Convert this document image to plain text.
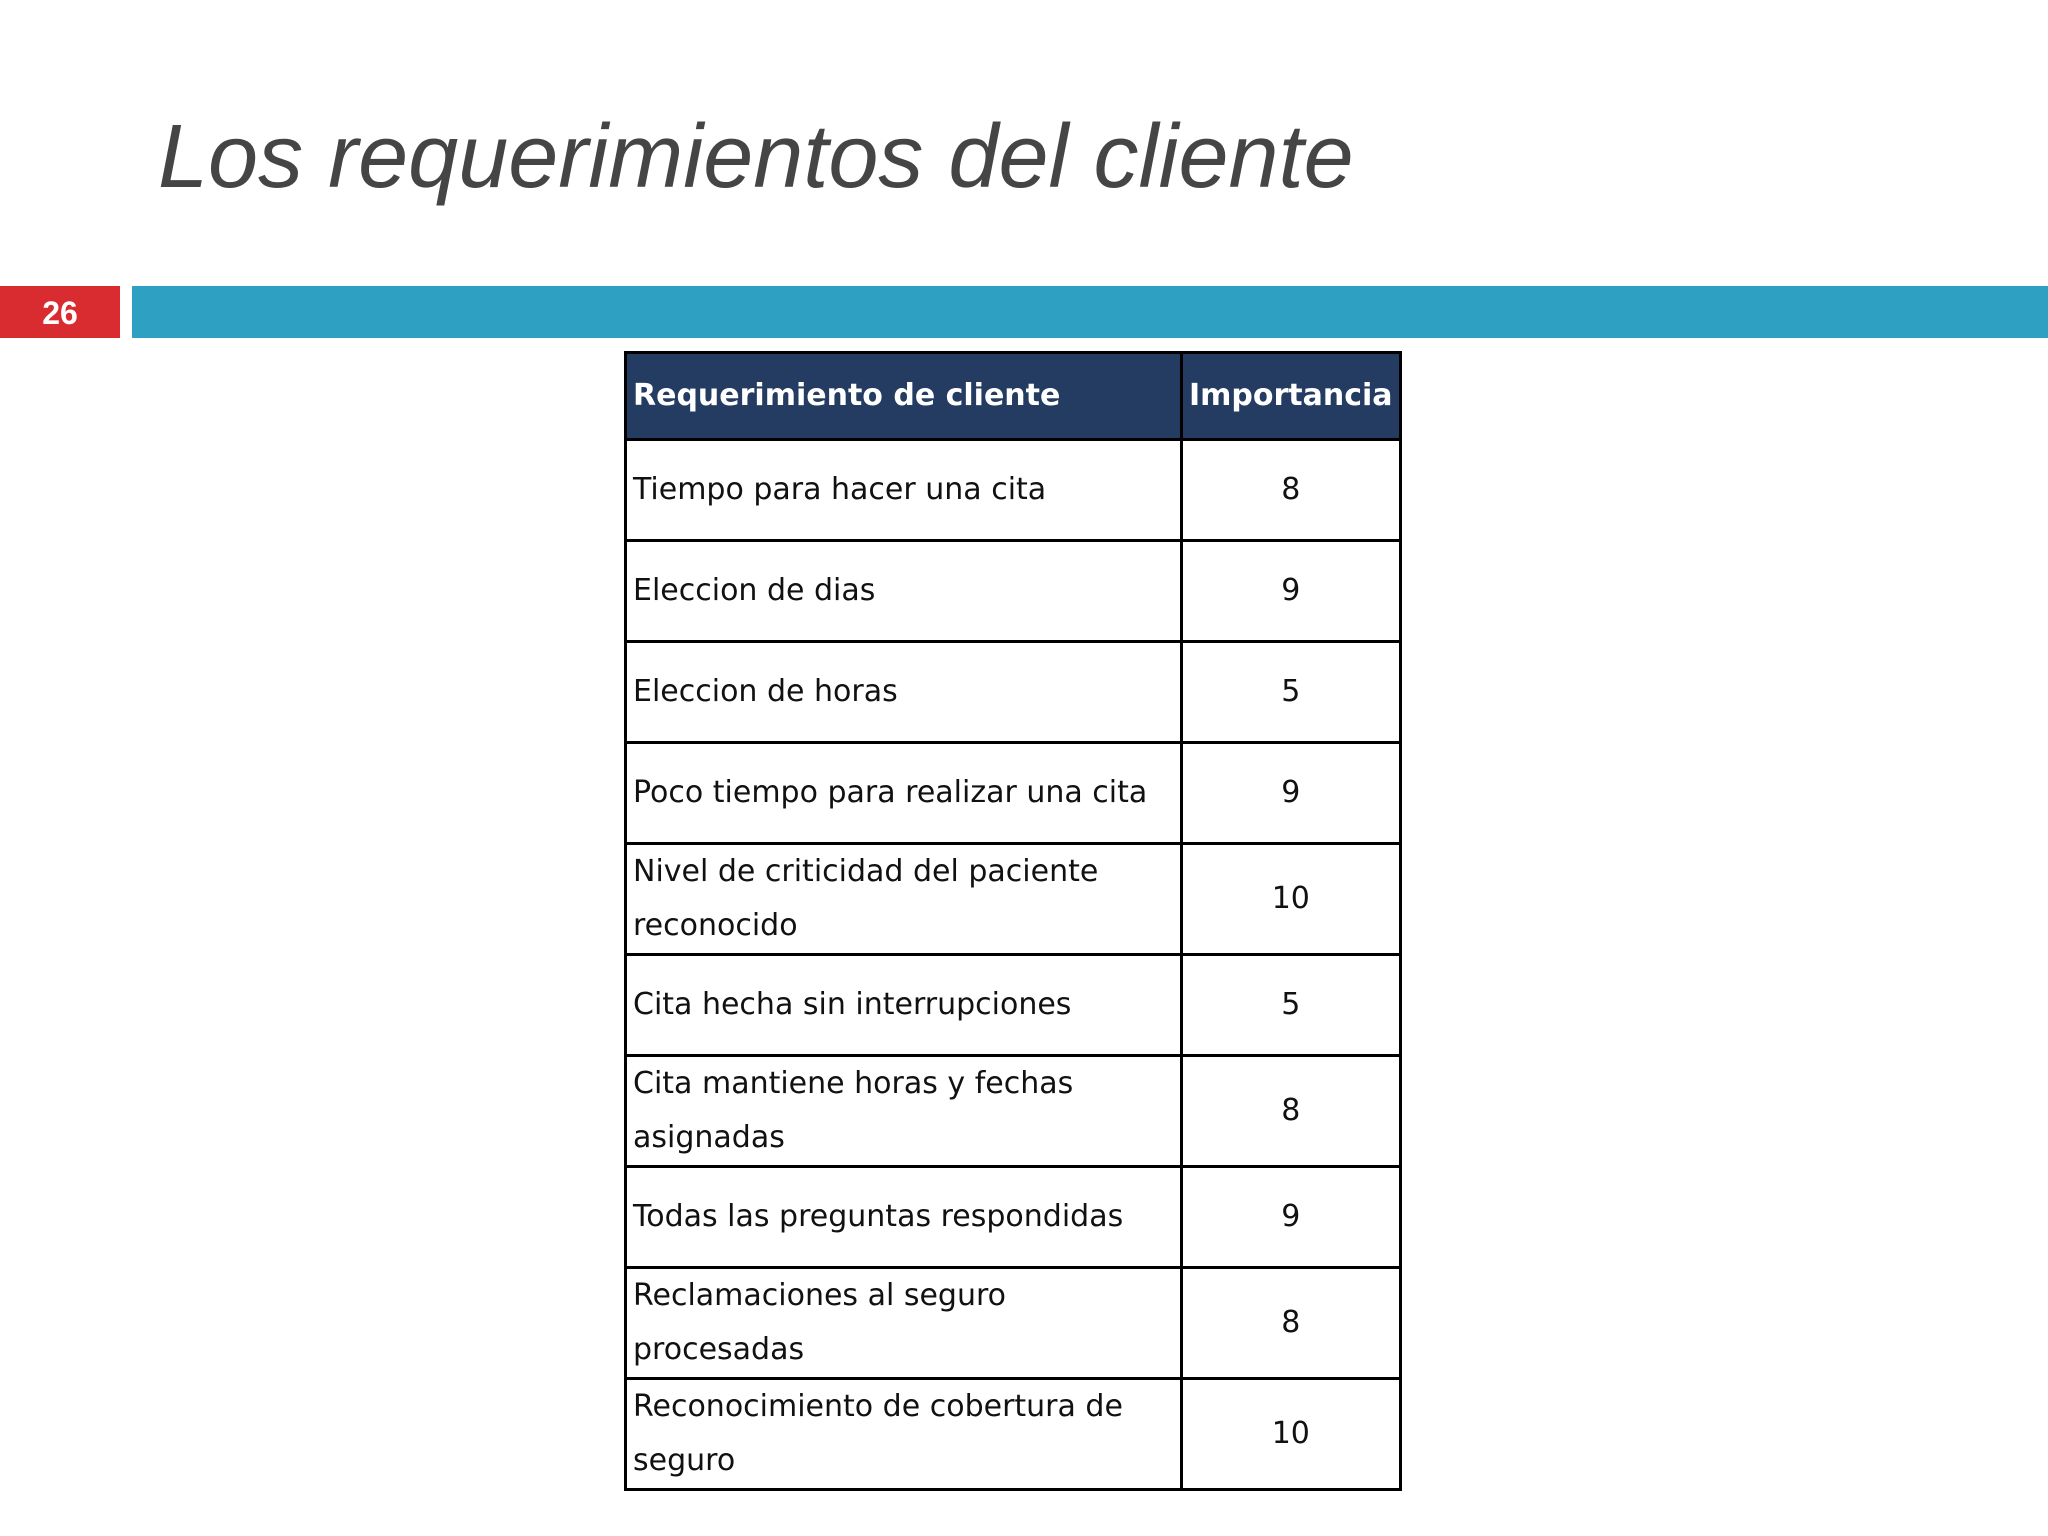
Los requerimientos del cliente
26
Requerimiento de cliente	Importancia
Tiempo para hacer una cita	8
Eleccion de dias	9
Eleccion de horas	5
Poco tiempo para realizar una cita	9
Nivel de criticidad del paciente reconocido	10
Cita hecha sin interrupciones	5
Cita mantiene horas y fechas asignadas	8
Todas las preguntas respondidas	9
Reclamaciones al seguro procesadas	8
Reconocimiento de cobertura de seguro	10
